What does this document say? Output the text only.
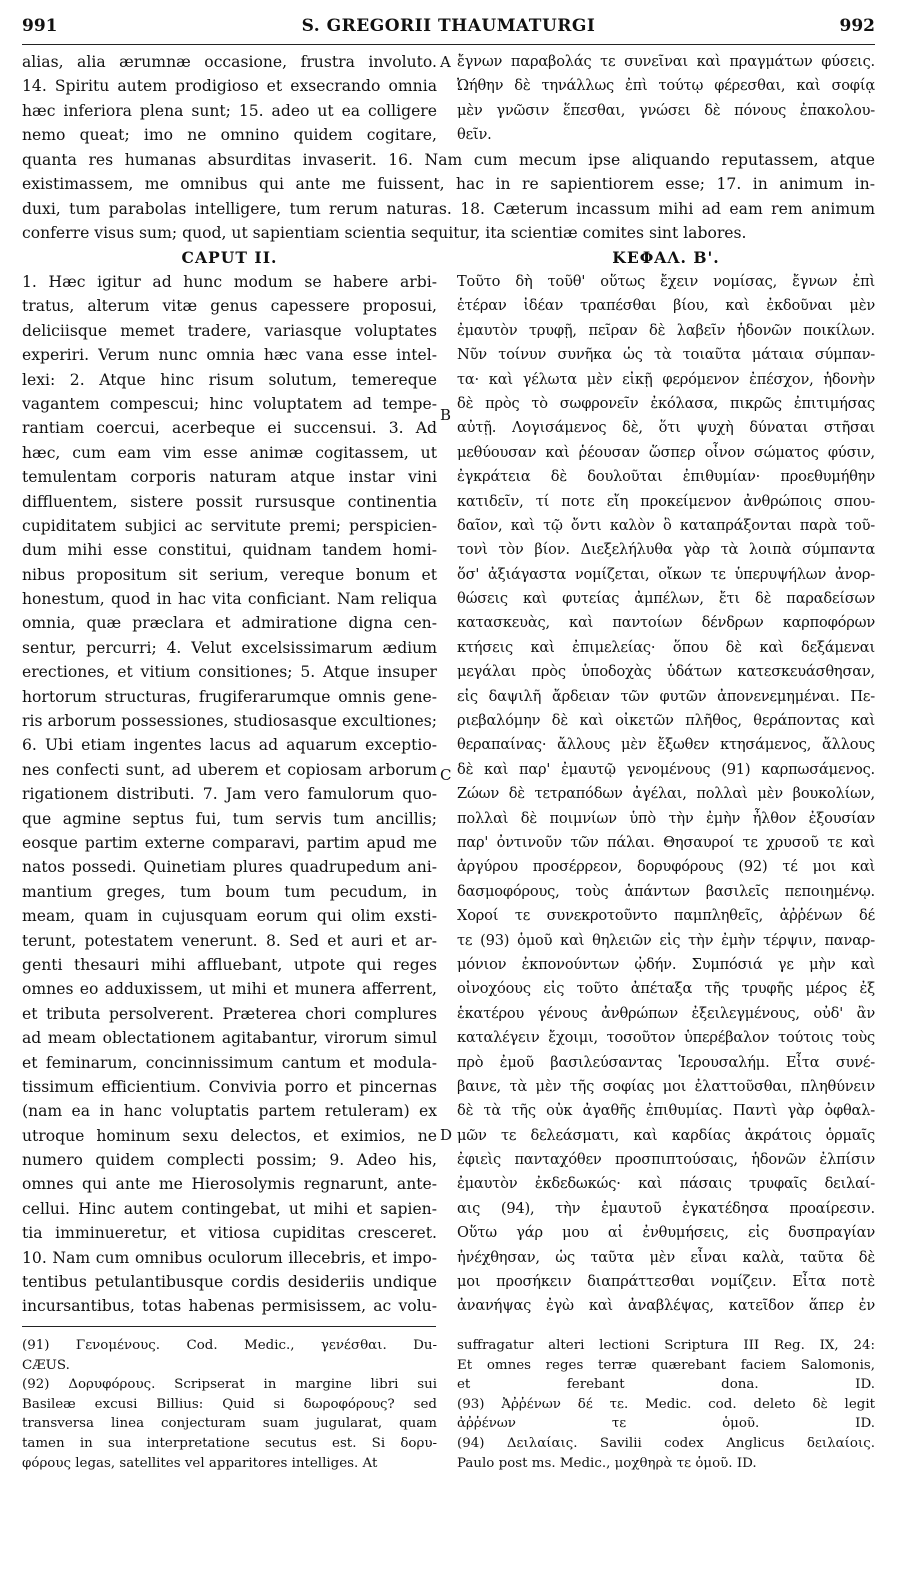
991	S. GREGORII THAUMATURGI	992
alias, alia ærumnæ occasione, frustra involuto.
14. Spiritu autem prodigioso et exsecrando omnia
hæc inferiora plena sunt; 15. adeo ut ea colligere
nemo queat; imo ne omnino quidem cogitare,
ἔγνων παραβολάς τε συνεῖναι καὶ πραγμάτων φύσεις.
Ὠήθην δὲ τηνάλλως ἐπὶ τούτῳ φέρεσθαι, καὶ σοφίᾳ
μὲν γνῶσιν ἕπεσθαι, γνώσει δὲ πόνους ἐπακολου-
θεῖν.
quanta res humanas absurditas invaserit. 16. Nam cum mecum ipse aliquando reputassem, atque
existimassem, me omnibus qui ante me fuissent, hac in re sapientiorem esse; 17. in animum in-
duxi, tum parabolas intelligere, tum rerum naturas. 18. Cæterum incassum mihi ad eam rem animum
conferre visus sum; quod, ut sapientiam scientia sequitur, ita scientiæ comites sint labores.
CAPUT II.	ΚΕΦΑΛ. Β'.
1. Hæc igitur ad hunc modum se habere arbi-
tratus, alterum vitæ genus capessere proposui,
deliciisque memet tradere, variasque voluptates
experiri. Verum nunc omnia hæc vana esse intel-
lexi: 2. Atque hinc risum solutum, temereque
vagantem compescui; hinc voluptatem ad tempe-
rantiam coercui, acerbeque ei succensui. 3. Ad
hæc, cum eam vim esse animæ cogitassem, ut
temulentam corporis naturam atque instar vini
diffluentem, sistere possit rursusque continentia
cupiditatem subjici ac servitute premi; perspicien-
dum mihi esse constitui, quidnam tandem homi-
nibus propositum sit serium, vereque bonum et
honestum, quod in hac vita conficiant. Nam reliqua
omnia, quæ præclara et admiratione digna cen-
sentur, percurri; 4. Velut excelsissimarum ædium
erectiones, et vitium consitiones; 5. Atque insuper
hortorum structuras, frugiferarumque omnis gene-
ris arborum possessiones, studiosasque excultiones;
6. Ubi etiam ingentes lacus ad aquarum exceptio-
nes confecti sunt, ad uberem et copiosam arborum
rigationem distributi. 7. Jam vero famulorum quo-
que agmine septus fui, tum servis tum ancillis;
eosque partim externe comparavi, partim apud me
natos possedi. Quinetiam plures quadrupedum ani-
mantium greges, tum boum tum pecudum, in
meam, quam in cujusquam eorum qui olim exsti-
terunt, potestatem venerunt. 8. Sed et auri et ar-
genti thesauri mihi affluebant, utpote qui reges
omnes eo adduxissem, ut mihi et munera afferrent,
et tributa persolverent. Præterea chori complures
ad meam oblectationem agitabantur, virorum simul
et feminarum, concinnissimum cantum et modula-
tissimum efficientium. Convivia porro et pincernas
(nam ea in hanc voluptatis partem retuleram) ex
utroque hominum sexu delectos, et eximios, ne
numero quidem complecti possim; 9. Adeo his,
omnes qui ante me Hierosolymis regnarunt, ante-
cellui. Hinc autem contingebat, ut mihi et sapien-
tia imminueretur, et vitiosa cupiditas cresceret.
10. Nam cum omnibus oculorum illecebris, et impo-
tentibus petulantibusque cordis desideriis undique
incursantibus, totas habenas permisissem, ac volu-
Τοῦτο δὴ τοῦθ' οὕτως ἔχειν νομίσας, ἔγνων ἐπὶ
ἑτέραν ἰδέαν τραπέσθαι βίου, καὶ ἐκδοῦναι μὲν
ἐμαυτὸν τρυφῇ, πεῖραν δὲ λαβεῖν ἡδονῶν ποικίλων.
Νῦν τοίνυν συνῆκα ὡς τὰ τοιαῦτα μάταια σύμπαν-
τα· καὶ γέλωτα μὲν εἰκῇ φερόμενον ἐπέσχον, ἡδονὴν
δὲ πρὸς τὸ σωφρονεῖν ἐκόλασα, πικρῶς ἐπιτιμήσας
αὐτῇ. Λογισάμενος δὲ, ὅτι ψυχὴ δύναται στῆσαι
μεθύουσαν καὶ ῥέουσαν ὥσπερ οἶνον σώματος φύσιν,
ἐγκράτεια δὲ δουλοῦται ἐπιθυμίαν· προεθυμήθην
κατιδεῖν, τί ποτε εἴη προκείμενον ἀνθρώποις σπου-
δαῖον, καὶ τῷ ὄντι καλὸν ὃ καταπράξονται παρὰ τοῦ-
τονὶ τὸν βίον. Διεξελήλυθα γὰρ τὰ λοιπὰ σύμπαντα
ὅσ' ἀξιάγαστα νομίζεται, οἴκων τε ὑπερυψήλων ἀνορ-
θώσεις καὶ φυτείας ἀμπέλων, ἔτι δὲ παραδείσων
κατασκευὰς, καὶ παντοίων δένδρων καρποφόρων
κτήσεις καὶ ἐπιμελείας· ὅπου δὲ καὶ δεξάμεναι
μεγάλαι πρὸς ὑποδοχὰς ὑδάτων κατεσκευάσθησαν,
εἰς δαψιλῆ ἄρδειαν τῶν φυτῶν ἀπονενεμημέναι. Πε-
ριεβαλόμην δὲ καὶ οἰκετῶν πλῆθος, θεράποντας καὶ
θεραπαίνας· ἄλλους μὲν ἔξωθεν κτησάμενος, ἄλλους
δὲ καὶ παρ' ἐμαυτῷ γενομένους (91) καρπωσάμενος.
Ζώων δὲ τετραπόδων ἀγέλαι, πολλαὶ μὲν βουκολίων,
πολλαὶ δὲ ποιμνίων ὑπὸ τὴν ἐμὴν ἦλθον ἐξουσίαν
παρ' ὀντινοῦν τῶν πάλαι. Θησαυροί τε χρυσοῦ τε καὶ
ἀργύρου προσέρρεον, δορυφόρους (92) τέ μοι καὶ
δασμοφόρους, τοὺς ἁπάντων βασιλεῖς πεποιημένῳ.
Χοροί τε συνεκροτοῦντο παμπληθεῖς, ἀῤῥένων δέ
τε (93) ὁμοῦ καὶ θηλειῶν εἰς τὴν ἐμὴν τέρψιν, παναρ-
μόνιον ἐκπονούντων ᾠδήν. Συμπόσιά γε μὴν καὶ
οἰνοχόους εἰς τοῦτο ἀπέταξα τῆς τρυφῆς μέρος ἐξ
ἑκατέρου γένους ἀνθρώπων ἐξειλεγμένους, οὐδ' ἂν
καταλέγειν ἔχοιμι, τοσοῦτον ὑπερέβαλον τούτοις τοὺς
πρὸ ἐμοῦ βασιλεύσαντας Ἱερουσαλήμ. Εἶτα συνέ-
βαινε, τὰ μὲν τῆς σοφίας μοι ἐλαττοῦσθαι, πληθύνειν
δὲ τὰ τῆς οὐκ ἀγαθῆς ἐπιθυμίας. Παντὶ γὰρ ὀφθαλ-
μῶν τε δελεάσματι, καὶ καρδίας ἀκράτοις ὁρμαῖς
ἐφιεὶς πανταχόθεν προσπιπτούσαις, ἡδονῶν ἐλπίσιν
ἐμαυτὸν ἐκδεδωκώς· καὶ πάσαις τρυφαῖς δειλαί-
αις (94), τὴν ἐμαυτοῦ ἐγκατέδησα προαίρεσιν.
Οὕτω γάρ μου αἱ ἐνθυμήσεις, εἰς δυσπραγίαν
ἠνέχθησαν, ὡς ταῦτα μὲν εἶναι καλὰ, ταῦτα δὲ
μοι προσήκειν διαπράττεσθαι νομίζειν. Εἶτα ποτὲ
ἀνανήψας ἐγὼ καὶ ἀναβλέψας, κατεῖδον ἅπερ ἐν
A
B
C
D
(91) Γενομένους. Cod. Medic., γενέσθαι. Du-
CÆUS.
(92) Δορυφόρους. Scripserat in margine libri sui
Basileæ excusi Billius: Quid si δωροφόρους? sed
transversa linea conjecturam suam jugularat, quam
tamen in sua interpretatione secutus est. Si δορυ-
φόρους legas, satellites vel apparitores intelliges. At
suffragatur alteri lectioni Scriptura III Reg. IX, 24:
Et omnes reges terræ quærebant faciem Salomonis,
et ferebant dona. ID.
(93) Ἀῤῥένων δέ τε. Medic. cod. deleto δὲ legit
ἀῤῥένων τε ὁμοῦ. ID.
(94) Δειλαίαις. Savilii codex Anglicus δειλαίοις.
Paulo post ms. Medic., μοχθηρὰ τε ὁμοῦ. ID.
